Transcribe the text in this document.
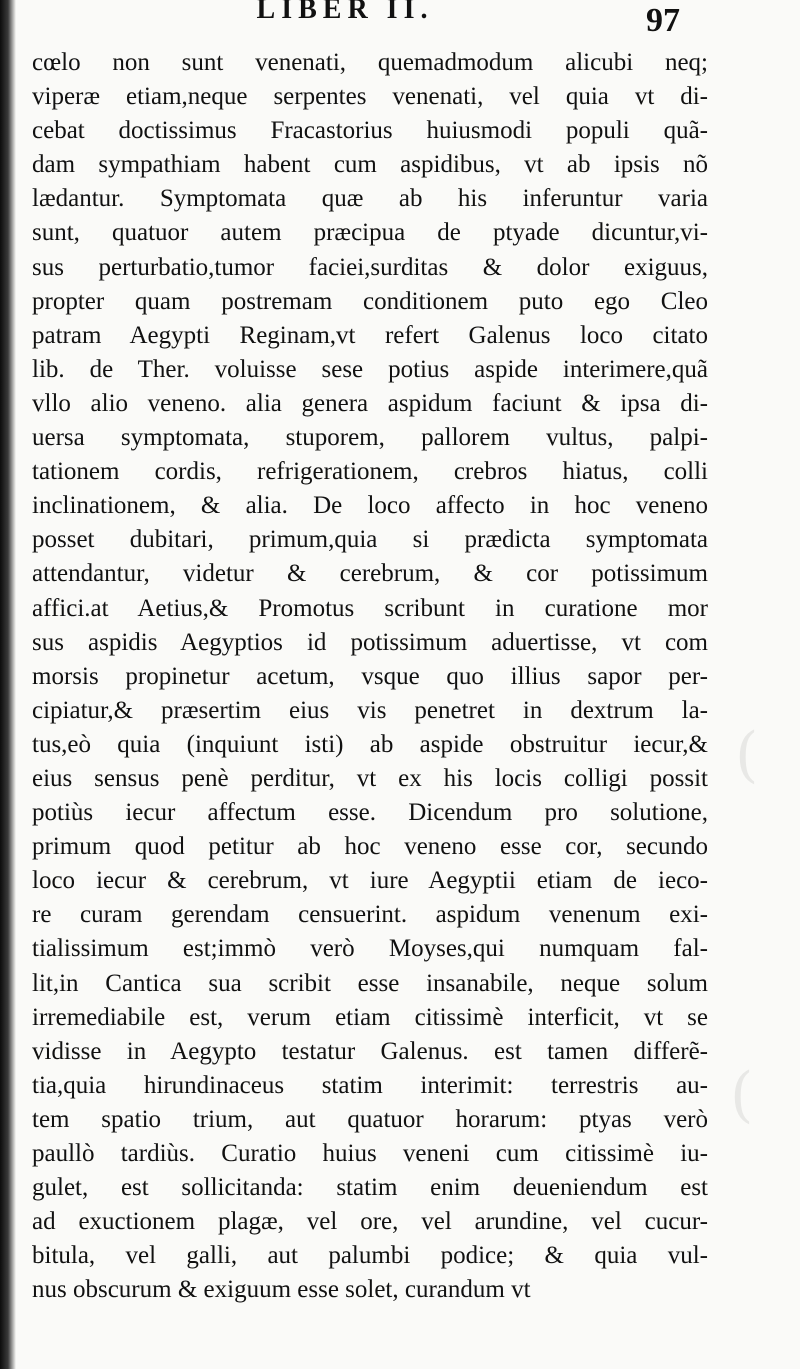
(
(
LIBER II.	97
cœlo non sunt venenati, quemadmodum alicubi neq;
viperæ etiam,neque serpentes venenati, vel quia vt di-
cebat doctissimus Fracastorius huiusmodi populi quã-
dam sympathiam habent cum aspidibus, vt ab ipsis nõ
lædantur. Symptomata quæ ab his inferuntur varia
sunt, quatuor autem præcipua de ptyade dicuntur,vi-
sus perturbatio,tumor faciei,surditas & dolor exiguus,
propter quam postremam conditionem puto ego Cleo
patram Aegypti Reginam,vt refert Galenus loco citato
lib. de Ther. voluisse sese potius aspide interimere,quã
vllo alio veneno. alia genera aspidum faciunt & ipsa di-
uersa symptomata, stuporem, pallorem vultus, palpi-
tationem cordis, refrigerationem, crebros hiatus, colli
inclinationem, & alia. De loco affecto in hoc veneno
posset dubitari, primum,quia si prædicta symptomata
attendantur, videtur & cerebrum, & cor potissimum
affici.at Aetius,& Promotus scribunt in curatione mor
sus aspidis Aegyptios id potissimum aduertisse, vt com
morsis propinetur acetum, vsque quo illius sapor per-
cipiatur,& præsertim eius vis penetret in dextrum la-
tus,eò quia (inquiunt isti) ab aspide obstruitur iecur,&
eius sensus penè perditur, vt ex his locis colligi possit
potiùs iecur affectum esse. Dicendum pro solutione,
primum quod petitur ab hoc veneno esse cor, secundo
loco iecur & cerebrum, vt iure Aegyptii etiam de ieco-
re curam gerendam censuerint. aspidum venenum exi-
tialissimum est;immò verò Moyses,qui numquam fal-
lit,in Cantica sua scribit esse insanabile, neque solum
irremediabile est, verum etiam citissimè interficit, vt se
vidisse in Aegypto testatur Galenus. est tamen differẽ-
tia,quia hirundinaceus statim interimit: terrestris au-
tem spatio trium, aut quatuor horarum: ptyas verò
paullò tardiùs. Curatio huius veneni cum citissimè iu-
gulet, est sollicitanda: statim enim deueniendum est
ad exuctionem plagæ, vel ore, vel arundine, vel cucur-
bitula, vel galli, aut palumbi podice; & quia vul-
nus obscurum & exiguum esse solet, curandum vt
